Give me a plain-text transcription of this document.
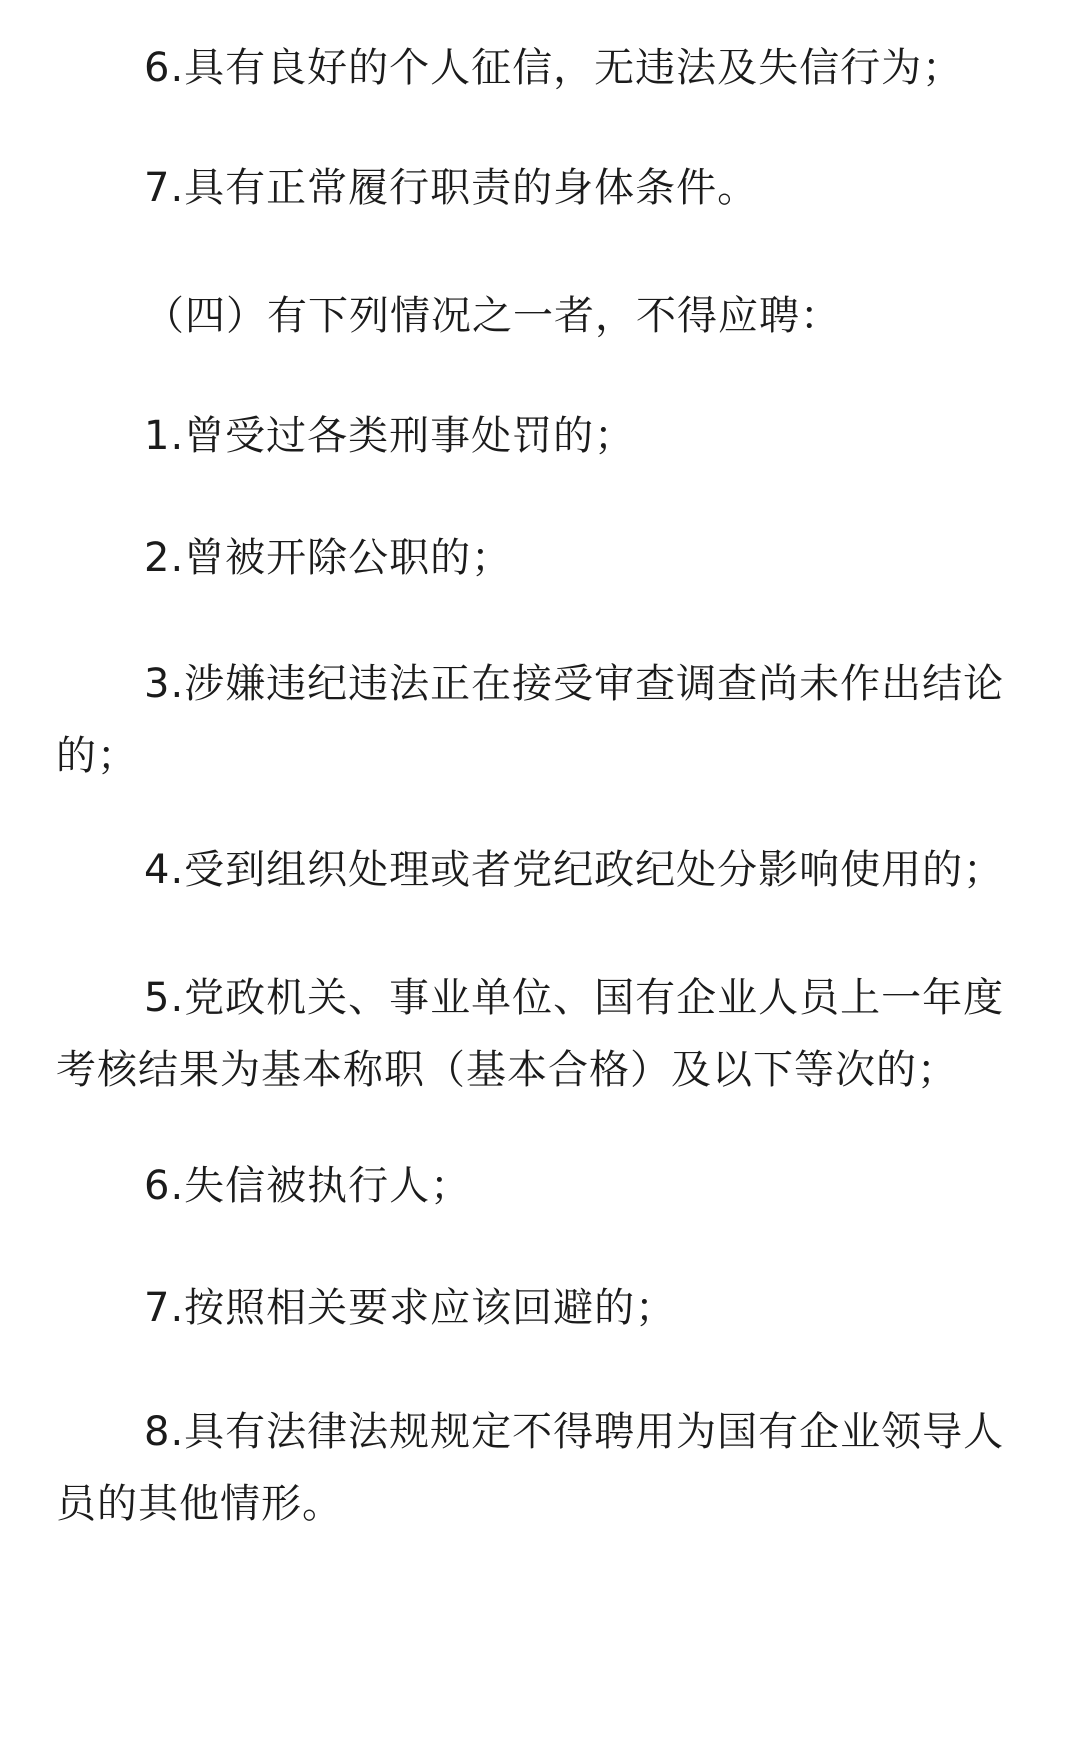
6.具有良好的个人征信，无违法及失信行为；

7.具有正常履行职责的身体条件。

（四）有下列情况之一者，不得应聘：

1.曾受过各类刑事处罚的；

2.曾被开除公职的；

3.涉嫌违纪违法正在接受审查调查尚未作出结论的；

4.受到组织处理或者党纪政纪处分影响使用的；

5.党政机关、事业单位、国有企业人员上一年度考核结果为基本称职（基本合格）及以下等次的；

6.失信被执行人；

7.按照相关要求应该回避的；

8.具有法律法规规定不得聘用为国有企业领导人员的其他情形。
